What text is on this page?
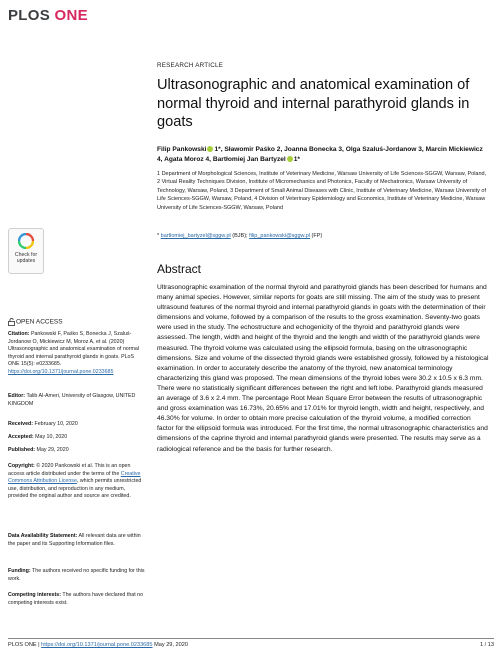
PLOS ONE
RESEARCH ARTICLE
Ultrasonographic and anatomical examination of normal thyroid and internal parathyroid glands in goats
Filip Pankowski 1*, Sławomir Paśko 2, Joanna Bonecka 3, Olga Szaluś-Jordanow 3, Marcin Mickiewicz 4, Agata Moroz 4, Bartłomiej Jan Bartyzel 1*
1 Department of Morphological Sciences, Institute of Veterinary Medicine, Warsaw University of Life Sciences-SGGW, Warsaw, Poland, 2 Virtual Reality Techniques Division, Institute of Micromechanics and Photonics, Faculty of Mechatronics, Warsaw University of Technology, Warsaw, Poland, 3 Department of Small Animal Diseases with Clinic, Institute of Veterinary Medicine, Warsaw University of Life Sciences-SGGW, Warsaw, Poland, 4 Division of Veterinary Epidemiology and Economics, Institute of Veterinary Medicine, Warsaw University of Life Sciences-SGGW, Warsaw, Poland
* bartlomiej_bartyzel@sggw.pl (BJB); filip_pankowski@sggw.pl (FP)
Abstract
Ultrasonographic examination of the normal thyroid and parathyroid glands has been described for humans and many animal species. However, similar reports for goats are still missing. The aim of the study was to present ultrasound features of the normal thyroid and internal parathyroid glands in goats with the determination of their dimensions and volume, followed by a comparison of the results to the gross examination. Seventy-two goats were used in the study. The echostructure and echogenicity of the thyroid and parathyroid glands were assessed. The length, width and height of the thyroid and the length and width of the parathyroid glands were measured. The thyroid volume was calculated using the ellipsoid formula, basing on the ultrasonographic dimensions. Size and volume of the dissected thyroid glands were established grossly, followed by a histological examination. In order to accurately describe the anatomy of the thyroid, new anatomical terminology characterizing this gland was proposed. The mean dimensions of the thyroid lobes were 30.2 x 10.5 x 6.3 mm. There were no statistically significant differences between the right and left lobe. Parathyroid glands measured an average of 3.6 x 2.4 mm. The percentage Root Mean Square Error between the results of ultrasonographic and gross examination was 16.73%, 20.65% and 17.01% for thyroid length, width and height, respectively, and 46.30% for volume. In order to obtain more precise calculation of the thyroid volume, a modified correction factor for the ellipsoid formula was introduced. For the first time, the normal ultrasonographic characteristics and dimensions of the caprine thyroid and internal parathyroid glands were presented. The results may serve as a radiological reference and be the basis for further research.
Check for updates
OPEN ACCESS
Citation: Pankowski F, Paśko S, Bonecka J, Szaluś-Jordanow O, Mickiewicz M, Moroz A, et al. (2020) Ultrasonographic and anatomical examination of normal thyroid and internal parathyroid glands in goats. PLoS ONE 15(5): e0233685. https://doi.org/10.1371/journal.pone.0233685
Editor: Talib Al-Ameri, University of Glasgow, UNITED KINGDOM
Received: February 10, 2020
Accepted: May 10, 2020
Published: May 29, 2020
Copyright: © 2020 Pankowski et al. This is an open access article distributed under the terms of the Creative Commons Attribution License, which permits unrestricted use, distribution, and reproduction in any medium, provided the original author and source are credited.
Data Availability Statement: All relevant data are within the paper and its Supporting Information files.
Funding: The authors received no specific funding for this work.
Competing interests: The authors have declared that no competing interests exist.
PLOS ONE | https://doi.org/10.1371/journal.pone.0233685 May 29, 2020	1 / 13
